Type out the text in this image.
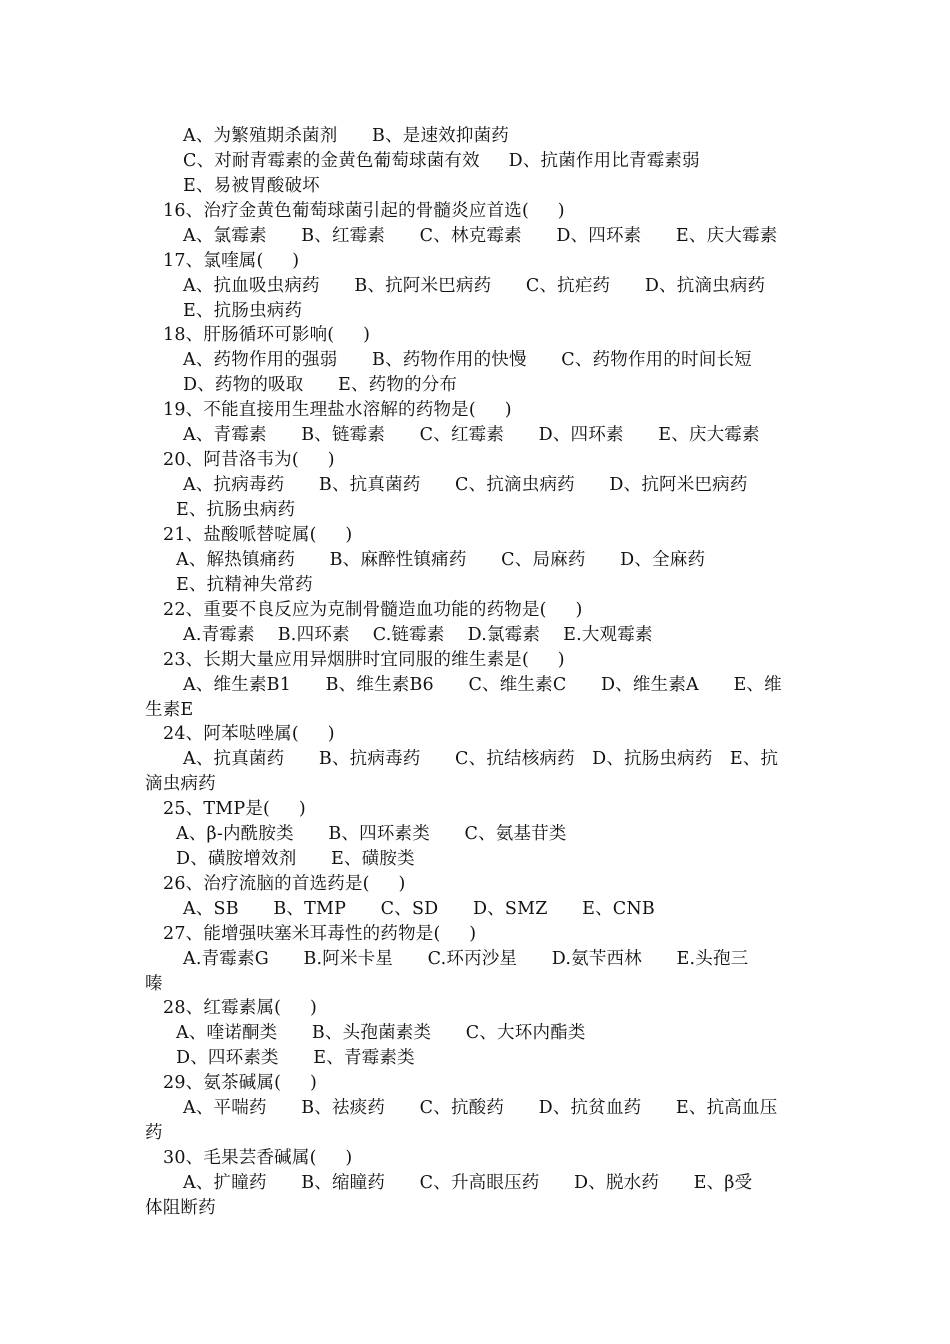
A、为繁殖期杀菌剂      B、是速效抑菌药
C、对耐青霉素的金黄色葡萄球菌有效     D、抗菌作用比青霉素弱
E、易被胃酸破坏
16、治疗金黄色葡萄球菌引起的骨髓炎应首选(     )
A、氯霉素      B、红霉素      C、林克霉素      D、四环素      E、庆大霉素
17、氯喹属(     )
A、抗血吸虫病药      B、抗阿米巴病药      C、抗疟药      D、抗滴虫病药
E、抗肠虫病药
18、肝肠循环可影响(     )
A、药物作用的强弱      B、药物作用的快慢      C、药物作用的时间长短
D、药物的吸取      E、药物的分布
19、不能直接用生理盐水溶解的药物是(     )
A、青霉素      B、链霉素      C、红霉素      D、四环素      E、庆大霉素
20、阿昔洛韦为(     )
A、抗病毒药      B、抗真菌药      C、抗滴虫病药      D、抗阿米巴病药
E、抗肠虫病药
21、盐酸哌替啶属(     )
A、解热镇痛药      B、麻醉性镇痛药      C、局麻药      D、全麻药
E、抗精神失常药
22、重要不良反应为克制骨髓造血功能的药物是(     )
A.青霉素    B.四环素    C.链霉素    D.氯霉素    E.大观霉素
23、长期大量应用异烟肼时宜同服的维生素是(     )
A、维生素B1      B、维生素B6      C、维生素C      D、维生素A      E、维
生素E
24、阿苯哒唑属(     )
A、抗真菌药      B、抗病毒药      C、抗结核病药   D、抗肠虫病药   E、抗
滴虫病药
25、TMP是(     )
A、β-内酰胺类      B、四环素类      C、氨基苷类
D、磺胺增效剂      E、磺胺类
26、治疗流脑的首选药是(     )
A、SB      B、TMP      C、SD      D、SMZ      E、CNB
27、能增强呋塞米耳毒性的药物是(     )
A.青霉素G      B.阿米卡星      C.环丙沙星      D.氨苄西林      E.头孢三
嗪
28、红霉素属(     )
A、喹诺酮类      B、头孢菌素类      C、大环内酯类
D、四环素类      E、青霉素类
29、氨茶碱属(     )
A、平喘药      B、祛痰药      C、抗酸药      D、抗贫血药      E、抗高血压
药
30、毛果芸香碱属(     )
A、扩瞳药      B、缩瞳药      C、升高眼压药      D、脱水药      E、β受
体阻断药
